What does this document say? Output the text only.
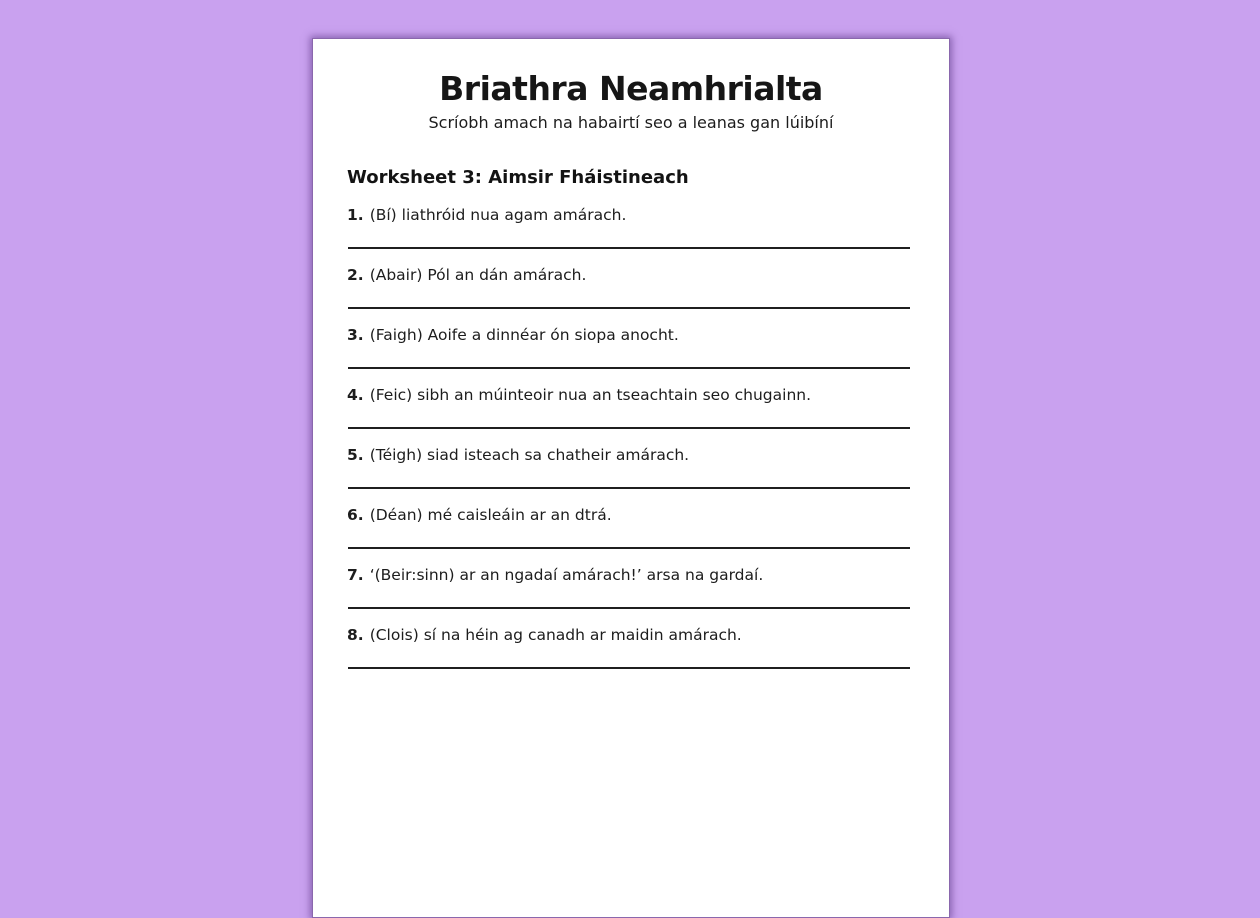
Briathra Neamhrialta
Scríobh amach na habairtí seo a leanas gan lúibíní
Worksheet 3: Aimsir Fháistineach
1. (Bí) liathróid nua agam amárach.
2. (Abair) Pól an dán amárach.
3. (Faigh) Aoife a dinnéar ón siopa anocht.
4. (Feic) sibh an múinteoir nua an tseachtain seo chugainn.
5. (Téigh) siad isteach sa chatheir amárach.
6. (Déan) mé caisleáin ar an dtrá.
7. ‘(Beir:sinn) ar an ngadaí amárach!’ arsa na gardaí.
8. (Clois) sí na héin ag canadh ar maidin amárach.
